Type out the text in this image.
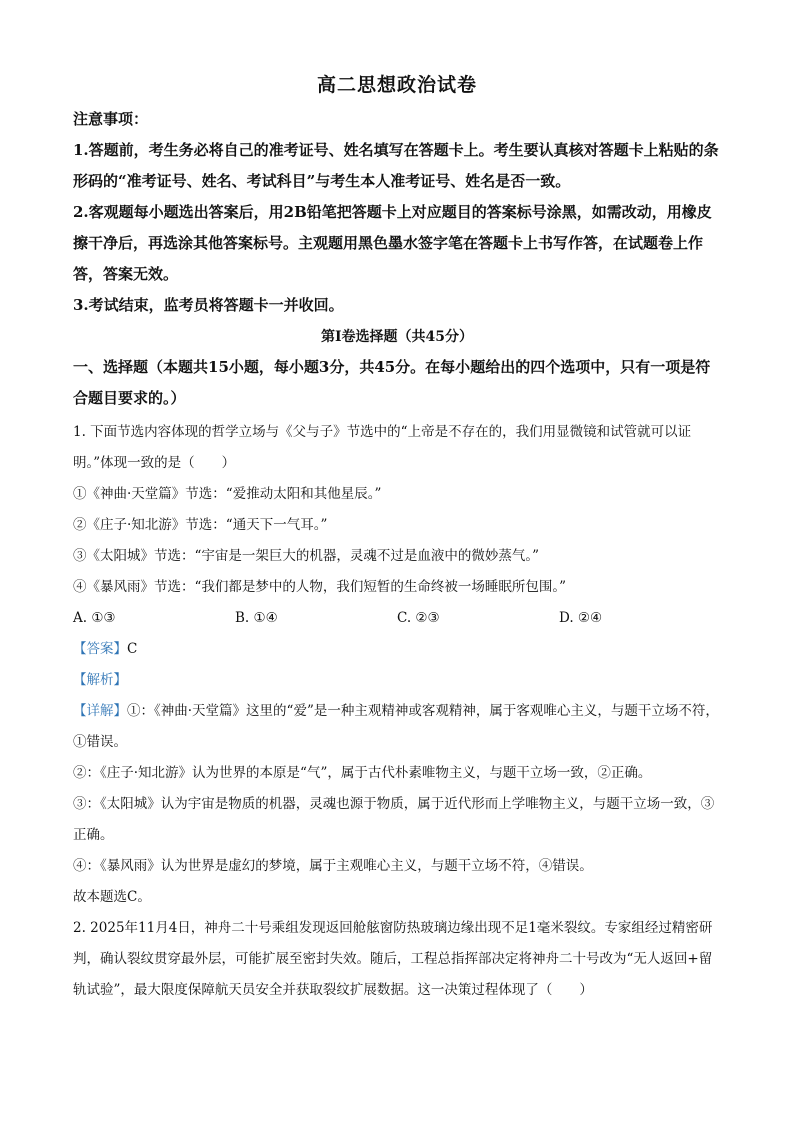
高二思想政治试卷

注意事项：

1.答题前，考生务必将自己的准考证号、姓名填写在答题卡上。考生要认真核对答题卡上粘贴的条形码的“准考证号、姓名、考试科目”与考生本人准考证号、姓名是否一致。

2.客观题每小题选出答案后，用2B铅笔把答题卡上对应题目的答案标号涂黑，如需改动，用橡皮擦干净后，再选涂其他答案标号。主观题用黑色墨水签字笔在答题卡上书写作答，在试题卷上作答，答案无效。

3.考试结束，监考员将答题卡一并收回。

第Ⅰ卷选择题（共45分）
一、选择题（本题共15小题，每小题3分，共45分。在每小题给出的四个选项中，只有一项是符合题目要求的。）

1. 下面节选内容体现的哲学立场与《父与子》节选中的“上帝是不存在的，我们用显微镜和试管就可以证明。”体现一致的是（　　）

①《神曲·天堂篇》节选：“爱推动太阳和其他星辰。”

②《庄子·知北游》节选：“通天下一气耳。”

③《太阳城》节选：“宇宙是一架巨大的机器，灵魂不过是血液中的微妙蒸气。”

④《暴风雨》节选：“我们都是梦中的人物，我们短暂的生命终被一场睡眠所包围。”

A. ①③	B. ①④	C. ②③	D. ②④

【答案】C

【解析】

【详解】①：《神曲·天堂篇》这里的“爱”是一种主观精神或客观精神，属于客观唯心主义，与题干立场不符，①错误。

②：《庄子·知北游》认为世界的本原是“气”，属于古代朴素唯物主义，与题干立场一致，②正确。

③：《太阳城》认为宇宙是物质的机器，灵魂也源于物质，属于近代形而上学唯物主义，与题干立场一致，③正确。

④：《暴风雨》认为世界是虚幻的梦境，属于主观唯心主义，与题干立场不符，④错误。

故本题选C。

2. 2025年11月4日，神舟二十号乘组发现返回舱舷窗防热玻璃边缘出现不足1毫米裂纹。专家组经过精密研判，确认裂纹贯穿最外层，可能扩展至密封失效。随后，工程总指挥部决定将神舟二十号改为“无人返回+留轨试验”，最大限度保障航天员安全并获取裂纹扩展数据。这一决策过程体现了（　　）
